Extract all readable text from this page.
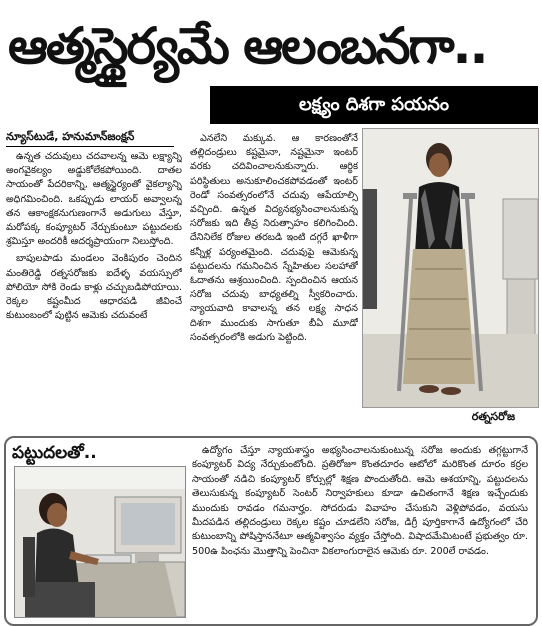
ఆత్మస్థైర్యమే ఆలంబనగా..
లక్ష్యం దిశగా పయనం
న్యూస్‌టుడే, హనుమాన్‌జంక్షన్

ఉన్నత చదువులు చదవాలన్న ఆమె లక్ష్యాన్ని అంగవైకల్యం అడ్డుకోలేకపోయింది. దాతల సాయంతో పేదరికాన్ని, ఆత్మస్థైర్యంతో వైకల్యాన్ని అధిగమించింది. ఒకప్పుడు లాయర్‌ అవ్వాలన్న తన ఆకాంక్షకనుగుణంగానే అడుగులు వేస్తూ, మరోపక్క కంప్యూటర్‌ నేర్చుకుంటూ పట్టుదలకు శ్రమిస్తూ అందరికీ ఆదర్శప్రాయంగా నిలుస్తోంది.

బాపులపాడు మండలం వెంకిపురం చెందిన మంతిరెడ్డి రత్నసరోజకు ఐదేళ్ళ వయస్సులో పోలియో సోకి రెండు కాళ్లు చచ్చుబడిపోయాయి. రెక్కల కష్టంమీద ఆధారపడి జీవించే కుటుంబంలో పుట్టిన ఆమెకు చదువంటే

ఎనలేని మక్కువ. ఆ కారణంతోనే తల్లిదండ్రులు కష్టమైనా, నష్టమైనా ఇంటర్‌ వరకు చదివించాలనుకున్నారు. ఆర్థిక పరిస్థితులు అనుకూలించకపోవడంతో ఇంటర్‌ రెండో సంవత్సరంలోనే చదువు ఆపేయాల్సి వచ్చింది. ఉన్నత విద్యనభ్యసించాలనుకున్న సరోజకు ఇది తీవ్ర నిరుత్సాహం కలిగించింది. దేనినిలేక రోజుల తరబడి ఇంటి దగ్గరే ఖాళీగా కన్నీళ్ల పర్యంతమైంది. చదువుపై ఆమెకున్న పట్టుదలను గమనించిన స్నేహితుల సలహాతో ఓదాతను ఆశ్రయించింది. స్పందించిన ఆయన సరోజ చదువు బాధ్యతల్ని స్వీకరించారు. న్యాయవాది కావాలన్న తన లక్ష్య సాధన దిశగా ముందుకు సాగుతూ బీఏ మూడో సంవత్సరంలోకి అడుగు పెట్టింది.

రత్నసరోజ
పట్టుదలతో..	ఉద్యోగం చేస్తూ న్యాయశాస్త్రం అభ్యసించాలనుకుంటున్న సరోజ అందుకు తగ్గట్టుగానే కంప్యూటర్‌ విద్య నేర్చుకుంటోంది. ప్రతిరోజూ కొంతదూరం ఆటోలో మరికొంత దూరం కర్రల సాయంతో నడిచి కంప్యూటర్‌ కోర్సుల్లో శిక్షణ పొందుతోంది. ఆమె ఆశయాన్ని, పట్టుదలను తెలుసుకున్న కంప్యూటర్‌ సెంటర్‌ నిర్వాహకులు కూడా ఉచితంగానే శిక్షణ ఇచ్చేందుకు ముందుకు రావడం గమనార్హం. సోదరుడు వివాహం చేసుకుని వెళ్లిపోవడం, వయసు మీదపడిన తల్లిదండ్రులు రెక్కల కష్టం చూడలేని సరోజ, డిగ్రీ పూర్తికాగానే ఉద్యోగంలో చేరి కుటుంబాన్ని పోషిస్తాననేటూ ఆత్మవిశ్వాసం వ్యక్తం చేస్తోంది. విషాదమేమిటంటే ప్రభుత్వం రూ. 500ఉ పింఛను మొత్తాన్ని పెంచినా వికలాంగురాలైన ఆమెకు రూ. 200లే రావడం.
